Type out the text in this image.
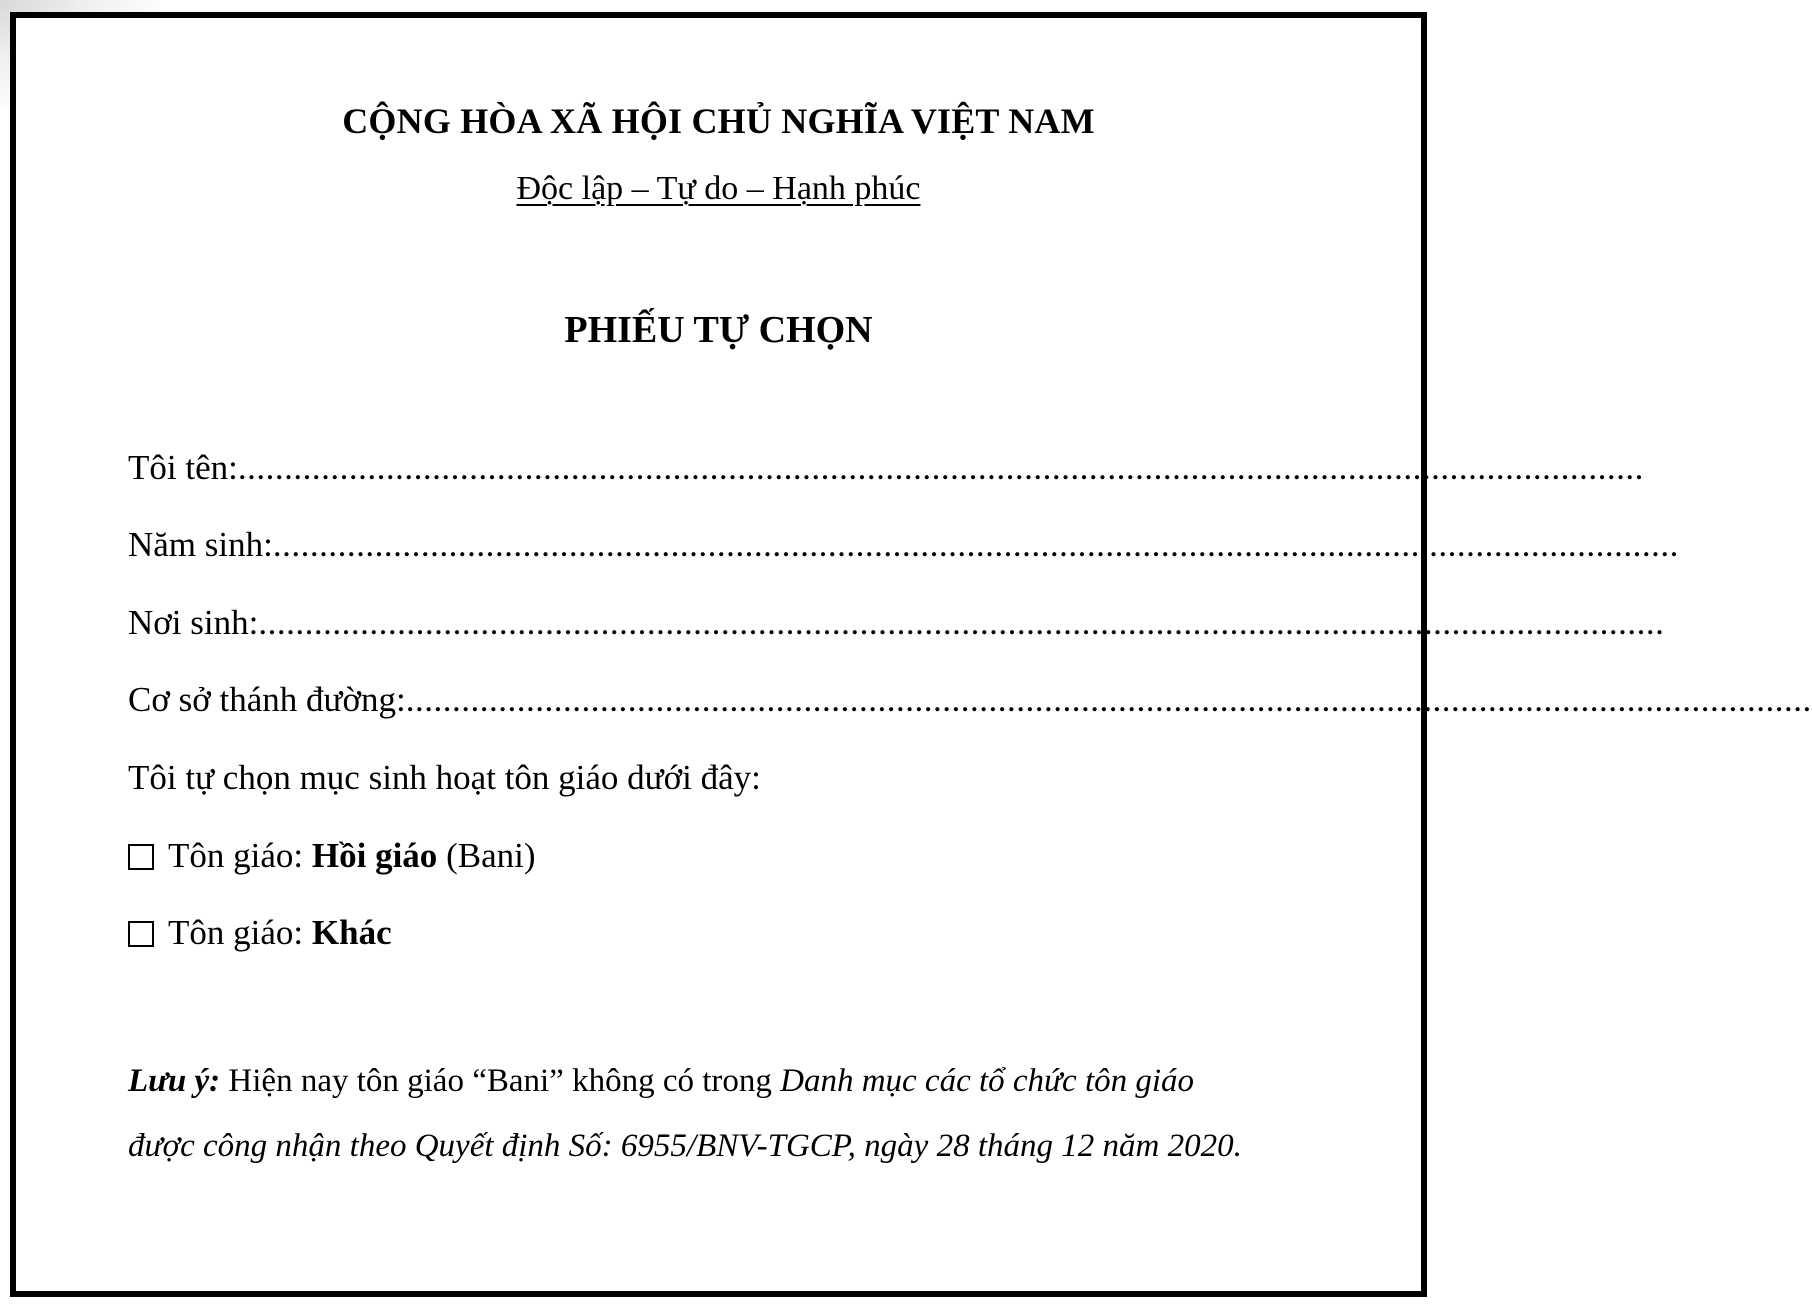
CỘNG HÒA XÃ HỘI CHỦ NGHĨA VIỆT NAM
Độc lập – Tự do – Hạnh phúc
PHIẾU TỰ CHỌN
Tôi tên: ........................................................................................................................................................
Năm sinh: ........................................................................................................................................................
Nơi sinh: ........................................................................................................................................................
Cơ sở thánh đường: ........................................................................................................................................................
Tôi tự chọn mục sinh hoạt tôn giáo dưới đây:
Tôn giáo: Hồi giáo (Bani)
Tôn giáo: Khác
Lưu ý: Hiện nay tôn giáo “Bani” không có trong Danh mục các tổ chức tôn giáo
được công nhận theo Quyết định Số: 6955/BNV-TGCP, ngày 28 tháng 12 năm 2020.
